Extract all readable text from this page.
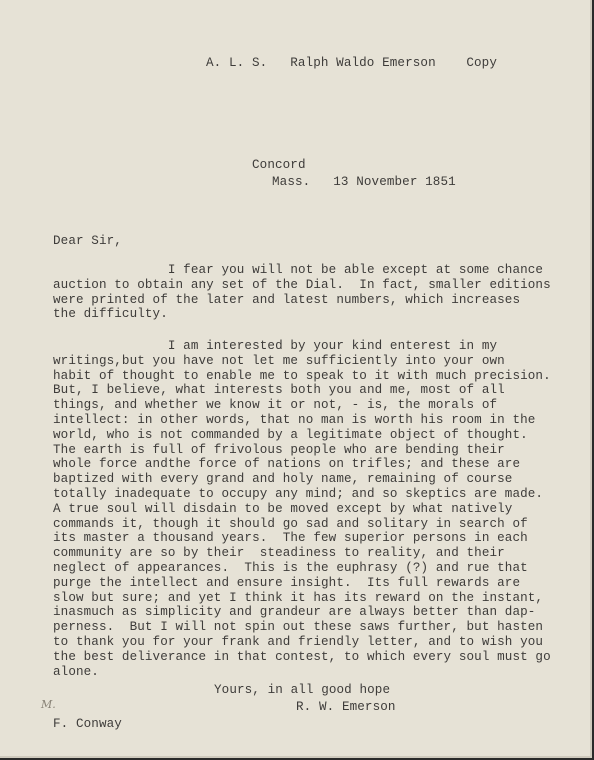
A. L. S.   Ralph Waldo Emerson    Copy
Concord
Mass.   13 November 1851
Dear Sir,
I fear you will not be able except at some chance
auction to obtain any set of the Dial.  In fact, smaller editions
were printed of the later and latest numbers, which increases
the difficulty.
I am interested by your kind enterest in my
writings,but you have not let me sufficiently into your own
habit of thought to enable me to speak to it with much precision.
But, I believe, what interests both you and me, most of all
things, and whether we know it or not, - is, the morals of
intellect: in other words, that no man is worth his room in the
world, who is not commanded by a legitimate object of thought.
The earth is full of frivolous people who are bending their
whole force andthe force of nations on trifles; and these are
baptized with every grand and holy name, remaining of course
totally inadequate to occupy any mind; and so skeptics are made.
A true soul will disdain to be moved except by what natively
commands it, though it should go sad and solitary in search of
its master a thousand years.  The few superior persons in each
community are so by their  steadiness to reality, and their
neglect of appearances.  This is the euphrasy (?) and rue that
purge the intellect and ensure insight.  Its full rewards are
slow but sure; and yet I think it has its reward on the instant,
inasmuch as simplicity and grandeur are always better than dap-
perness.  But I will not spin out these saws further, but hasten
to thank you for your frank and friendly letter, and to wish you
the best deliverance in that contest, to which every soul must go
alone.
Yours, in all good hope
R. W. Emerson
M.
F. Conway
